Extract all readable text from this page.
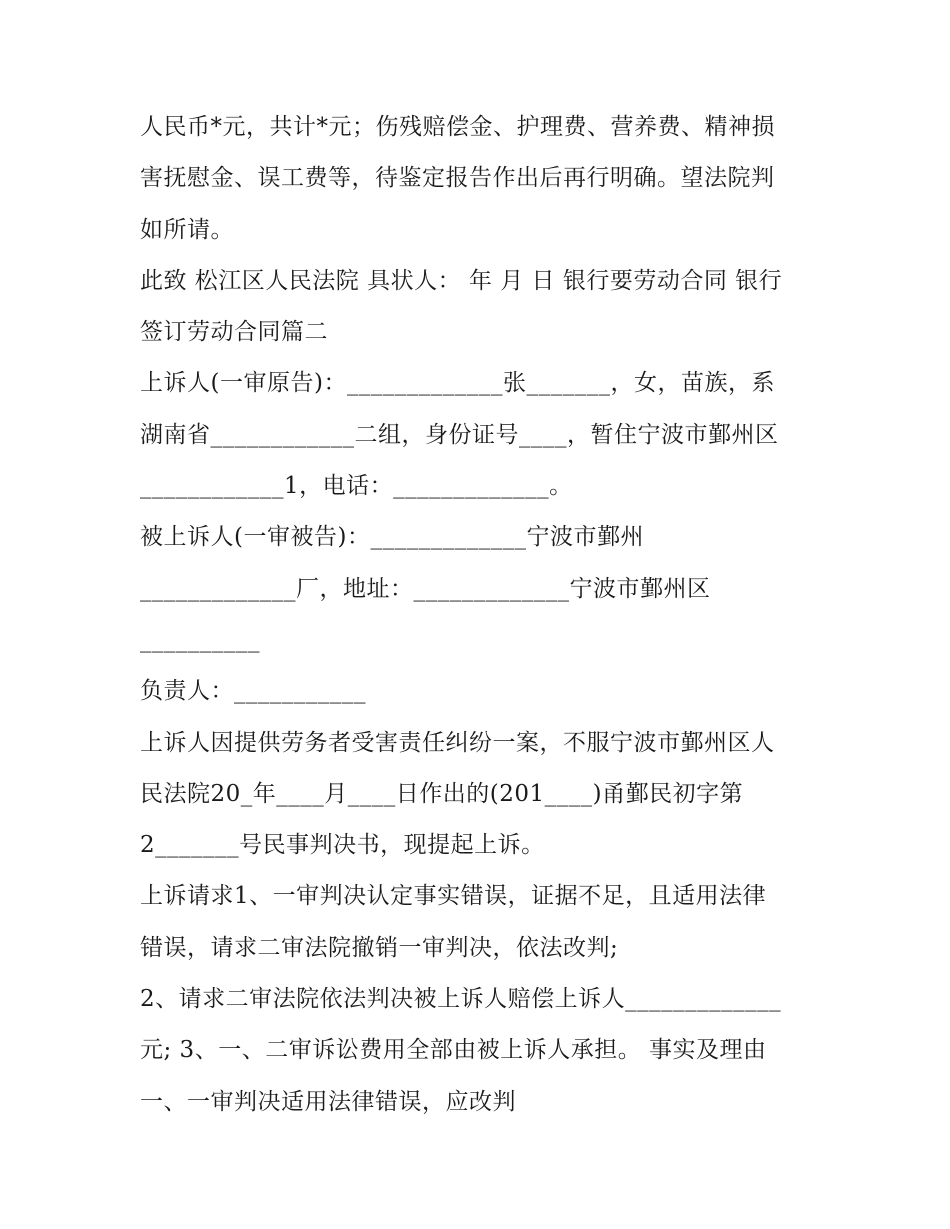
人民币*元，共计*元；伤残赔偿金、护理费、营养费、精神损
害抚慰金、误工费等，待鉴定报告作出后再行明确。望法院判
如所请。
此致 松江区人民法院 具状人： 年 月 日 银行要劳动合同 银行
签订劳动合同篇二
上诉人(一审原告)：_____________张_______，女，苗族，系
湖南省____________二组，身份证号____，暂住宁波市鄞州区
____________1，电话：_____________。
被上诉人(一审被告)：_____________宁波市鄞州
_____________厂，地址：_____________宁波市鄞州区
__________
负责人：___________
上诉人因提供劳务者受害责任纠纷一案，不服宁波市鄞州区人
民法院20_年____月____日作出的(201____)甬鄞民初字第
2_______号民事判决书，现提起上诉。
上诉请求1、一审判决认定事实错误，证据不足，且适用法律
错误，请求二审法院撤销一审判决，依法改判;
2、请求二审法院依法判决被上诉人赔偿上诉人_____________
元; 3、一、二审诉讼费用全部由被上诉人承担。 事实及理由
一、一审判决适用法律错误，应改判
